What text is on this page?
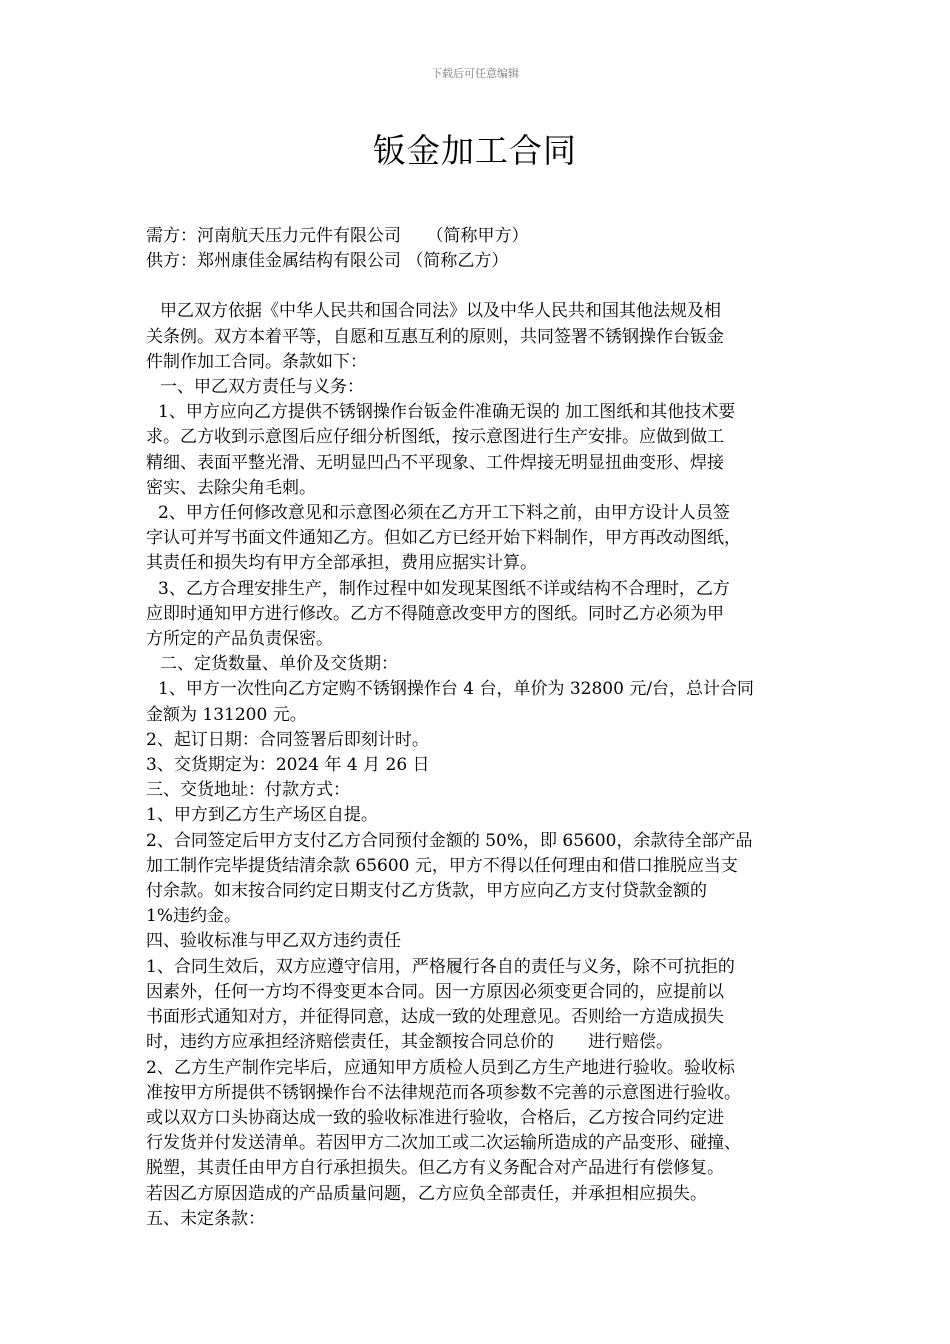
下载后可任意编辑
钣金加工合同

需方：河南航天压力元件有限公司　　（简称甲方）

供方：郑州康佳金属结构有限公司 （简称乙方）

甲乙双方依据《中华人民共和国合同法》以及中华人民共和国其他法规及相

关条例。双方本着平等，自愿和互惠互利的原则，共同签署不锈钢操作台钣金

件制作加工合同。条款如下：

一、甲乙双方责任与义务：

1、甲方应向乙方提供不锈钢操作台钣金件准确无误的 加工图纸和其他技术要

求。乙方收到示意图后应仔细分析图纸，按示意图进行生产安排。应做到做工

精细、表面平整光滑、无明显凹凸不平现象、工件焊接无明显扭曲变形、焊接

密实、去除尖角毛刺。

2、甲方任何修改意见和示意图必须在乙方开工下料之前，由甲方设计人员签

字认可并写书面文件通知乙方。但如乙方已经开始下料制作，甲方再改动图纸，

其责任和损失均有甲方全部承担，费用应据实计算。

3、乙方合理安排生产，制作过程中如发现某图纸不详或结构不合理时，乙方

应即时通知甲方进行修改。乙方不得随意改变甲方的图纸。同时乙方必须为甲

方所定的产品负责保密。

二、定货数量、单价及交货期：

1、甲方一次性向乙方定购不锈钢操作台 4 台，单价为 32800 元/台，总计合同

金额为 131200 元。

2、起订日期：合同签署后即刻计时。

3、交货期定为：2024 年 4 月 26 日

三、交货地址：付款方式：

1、甲方到乙方生产场区自提。

2、合同签定后甲方支付乙方合同预付金额的 50%，即 65600，余款待全部产品

加工制作完毕提货结清余款 65600 元，甲方不得以任何理由和借口推脱应当支

付余款。如末按合同约定日期支付乙方货款，甲方应向乙方支付贷款金额的

1%违约金。

四、验收标准与甲乙双方违约责任

1、合同生效后，双方应遵守信用，严格履行各自的责任与义务，除不可抗拒的

因素外，任何一方均不得变更本合同。因一方原因必须变更合同的，应提前以

书面形式通知对方，并征得同意，达成一致的处理意见。否则给一方造成损失

时，违约方应承担经济赔偿责任，其金额按合同总价的　　进行赔偿。

2、乙方生产制作完毕后，应通知甲方质检人员到乙方生产地进行验收。验收标

准按甲方所提供不锈钢操作台不法律规范而各项参数不完善的示意图进行验收。

或以双方口头协商达成一致的验收标准进行验收，合格后，乙方按合同约定进

行发货并付发送清单。若因甲方二次加工或二次运输所造成的产品变形、碰撞、

脱塑，其责任由甲方自行承担损失。但乙方有义务配合对产品进行有偿修复。

若因乙方原因造成的产品质量问题，乙方应负全部责任，并承担相应损失。

五、未定条款：
